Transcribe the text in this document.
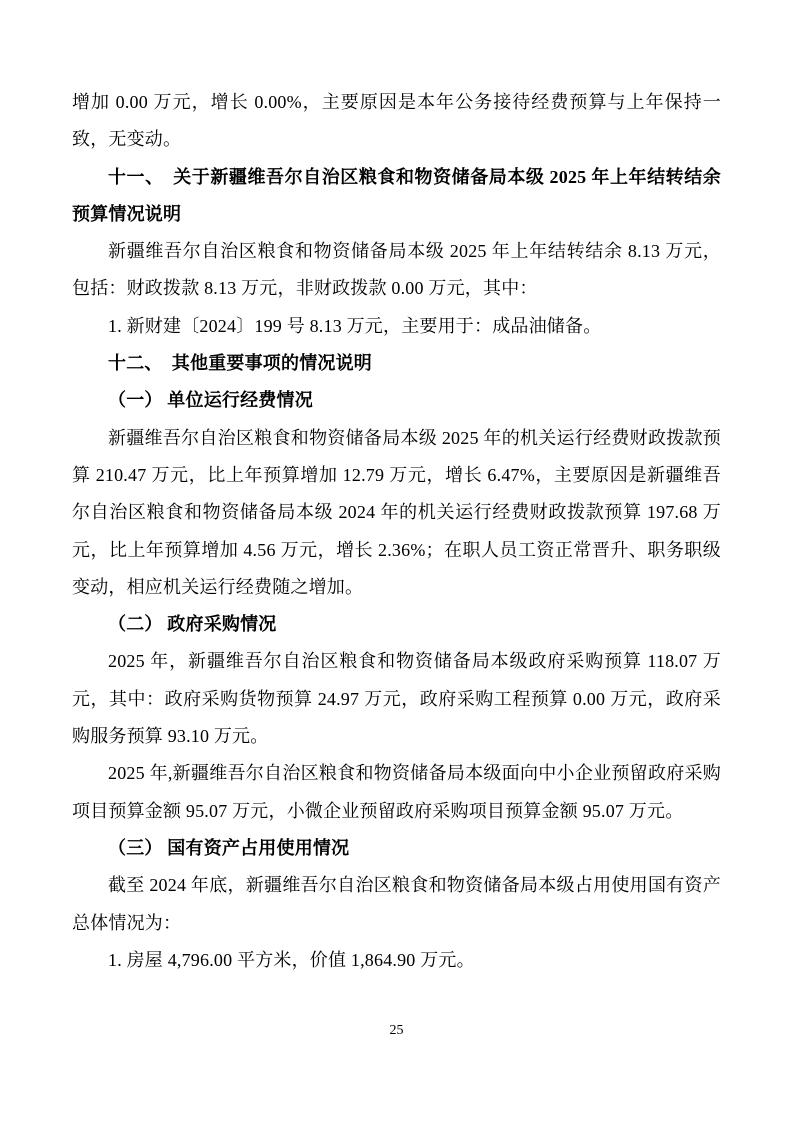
增加 0.00 万元，增长 0.00%，主要原因是本年公务接待经费预算与上年保持一致，无变动。

十一、　关于新疆维吾尔自治区粮食和物资储备局本级 2025 年上年结转结余预算情况说明

新疆维吾尔自治区粮食和物资储备局本级 2025 年上年结转结余 8.13 万元，包括：财政拨款 8.13 万元，非财政拨款 0.00 万元，其中：

1. 新财建〔2024〕199 号 8.13 万元，主要用于：成品油储备。

十二、　其他重要事项的情况说明

（一） 单位运行经费情况

新疆维吾尔自治区粮食和物资储备局本级 2025 年的机关运行经费财政拨款预算 210.47 万元，比上年预算增加 12.79 万元，增长 6.47%，主要原因是新疆维吾尔自治区粮食和物资储备局本级 2024 年的机关运行经费财政拨款预算 197.68 万元，比上年预算增加 4.56 万元，增长 2.36%；在职人员工资正常晋升、职务职级变动，相应机关运行经费随之增加。

（二） 政府采购情况

2025 年，新疆维吾尔自治区粮食和物资储备局本级政府采购预算 118.07 万元，其中：政府采购货物预算 24.97 万元，政府采购工程预算 0.00 万元，政府采购服务预算 93.10 万元。

2025 年,新疆维吾尔自治区粮食和物资储备局本级面向中小企业预留政府采购项目预算金额 95.07 万元，小微企业预留政府采购项目预算金额 95.07 万元。

（三） 国有资产占用使用情况

截至 2024 年底，新疆维吾尔自治区粮食和物资储备局本级占用使用国有资产总体情况为：

1. 房屋 4,796.00 平方米，价值 1,864.90 万元。

25
